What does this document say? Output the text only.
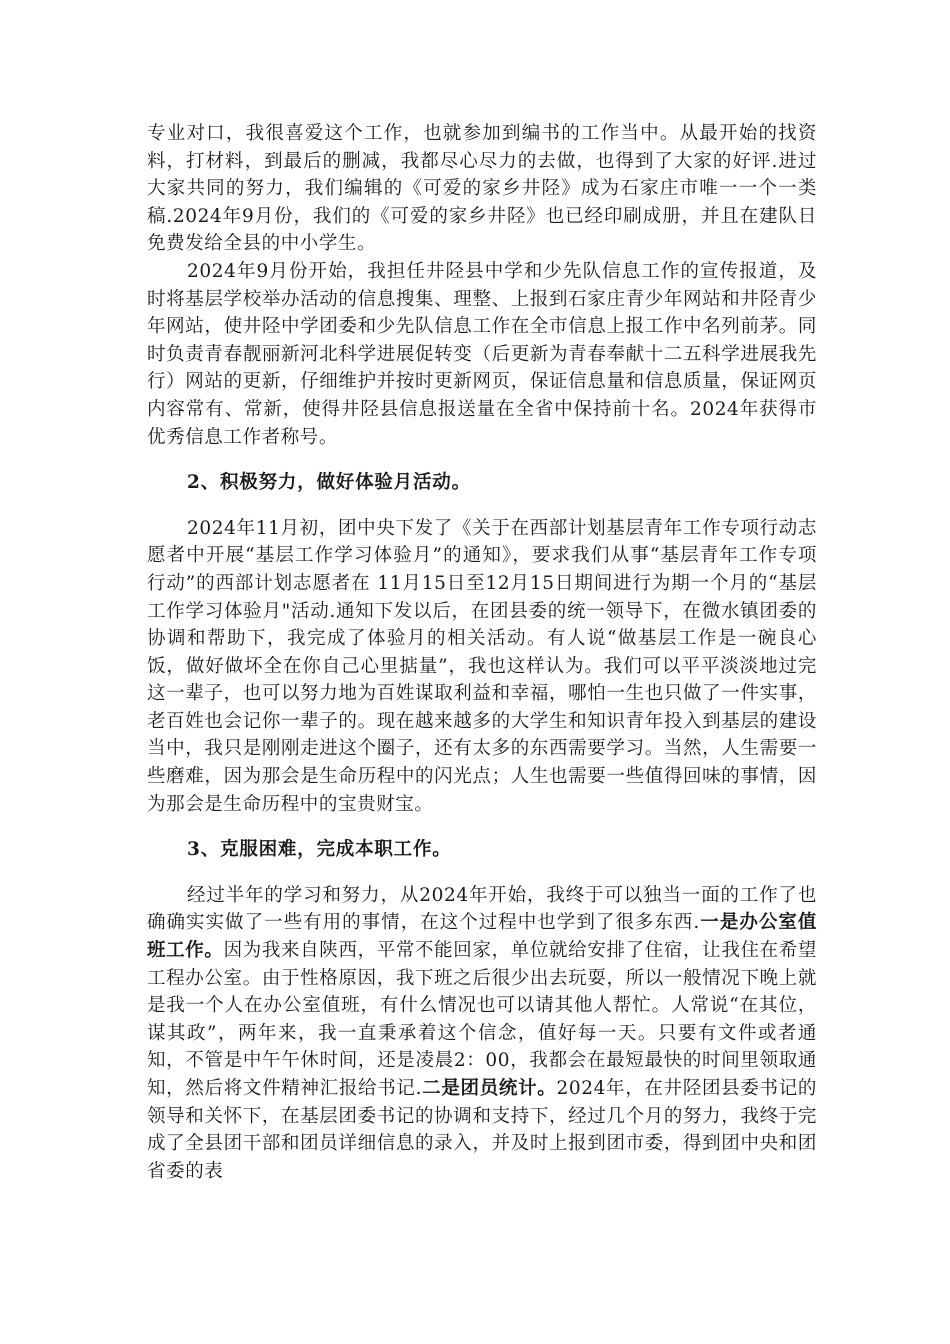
专业对口，我很喜爱这个工作，也就参加到编书的工作当中。从最开始的找资料，打材料，到最后的删减，我都尽心尽力的去做，也得到了大家的好评.进过大家共同的努力，我们编辑的《可爱的家乡井陉》成为石家庄市唯一一个一类稿.2024年9月份，我们的《可爱的家乡井陉》也已经印刷成册，并且在建队日免费发给全县的中小学生。

2024年9月份开始，我担任井陉县中学和少先队信息工作的宣传报道，及时将基层学校举办活动的信息搜集、理整、上报到石家庄青少年网站和井陉青少年网站，使井陉中学团委和少先队信息工作在全市信息上报工作中名列前茅。同时负责青春靓丽新河北科学进展促转变（后更新为青春奉献十二五科学进展我先行）网站的更新，仔细维护并按时更新网页，保证信息量和信息质量，保证网页内容常有、常新，使得井陉县信息报送量在全省中保持前十名。2024年获得市优秀信息工作者称号。

2、积极努力，做好体验月活动。

2024年11月初，团中央下发了《关于在西部计划基层青年工作专项行动志愿者中开展“基层工作学习体验月”的通知》，要求我们从事“基层青年工作专项行动”的西部计划志愿者在 11月15日至12月15日期间进行为期一个月的“基层工作学习体验月"活动.通知下发以后，在团县委的统一领导下，在微水镇团委的协调和帮助下，我完成了体验月的相关活动。有人说“做基层工作是一碗良心饭，做好做坏全在你自己心里掂量”，我也这样认为。我们可以平平淡淡地过完这一辈子，也可以努力地为百姓谋取利益和幸福，哪怕一生也只做了一件实事，老百姓也会记你一辈子的。现在越来越多的大学生和知识青年投入到基层的建设当中，我只是刚刚走进这个圈子，还有太多的东西需要学习。当然，人生需要一些磨难，因为那会是生命历程中的闪光点；人生也需要一些值得回味的事情，因为那会是生命历程中的宝贵财宝。

3、克服困难，完成本职工作。

经过半年的学习和努力，从2024年开始，我终于可以独当一面的工作了也确确实实做了一些有用的事情，在这个过程中也学到了很多东西.一是办公室值班工作。因为我来自陕西，平常不能回家，单位就给安排了住宿，让我住在希望工程办公室。由于性格原因，我下班之后很少出去玩耍，所以一般情况下晚上就是我一个人在办公室值班，有什么情况也可以请其他人帮忙。人常说“在其位，谋其政”，两年来，我一直秉承着这个信念，值好每一天。只要有文件或者通知，不管是中午午休时间，还是凌晨2：00，我都会在最短最快的时间里领取通知，然后将文件精神汇报给书记.二是团员统计。2024年，在井陉团县委书记的领导和关怀下，在基层团委书记的协调和支持下，经过几个月的努力，我终于完成了全县团干部和团员详细信息的录入，并及时上报到团市委，得到团中央和团省委的表
